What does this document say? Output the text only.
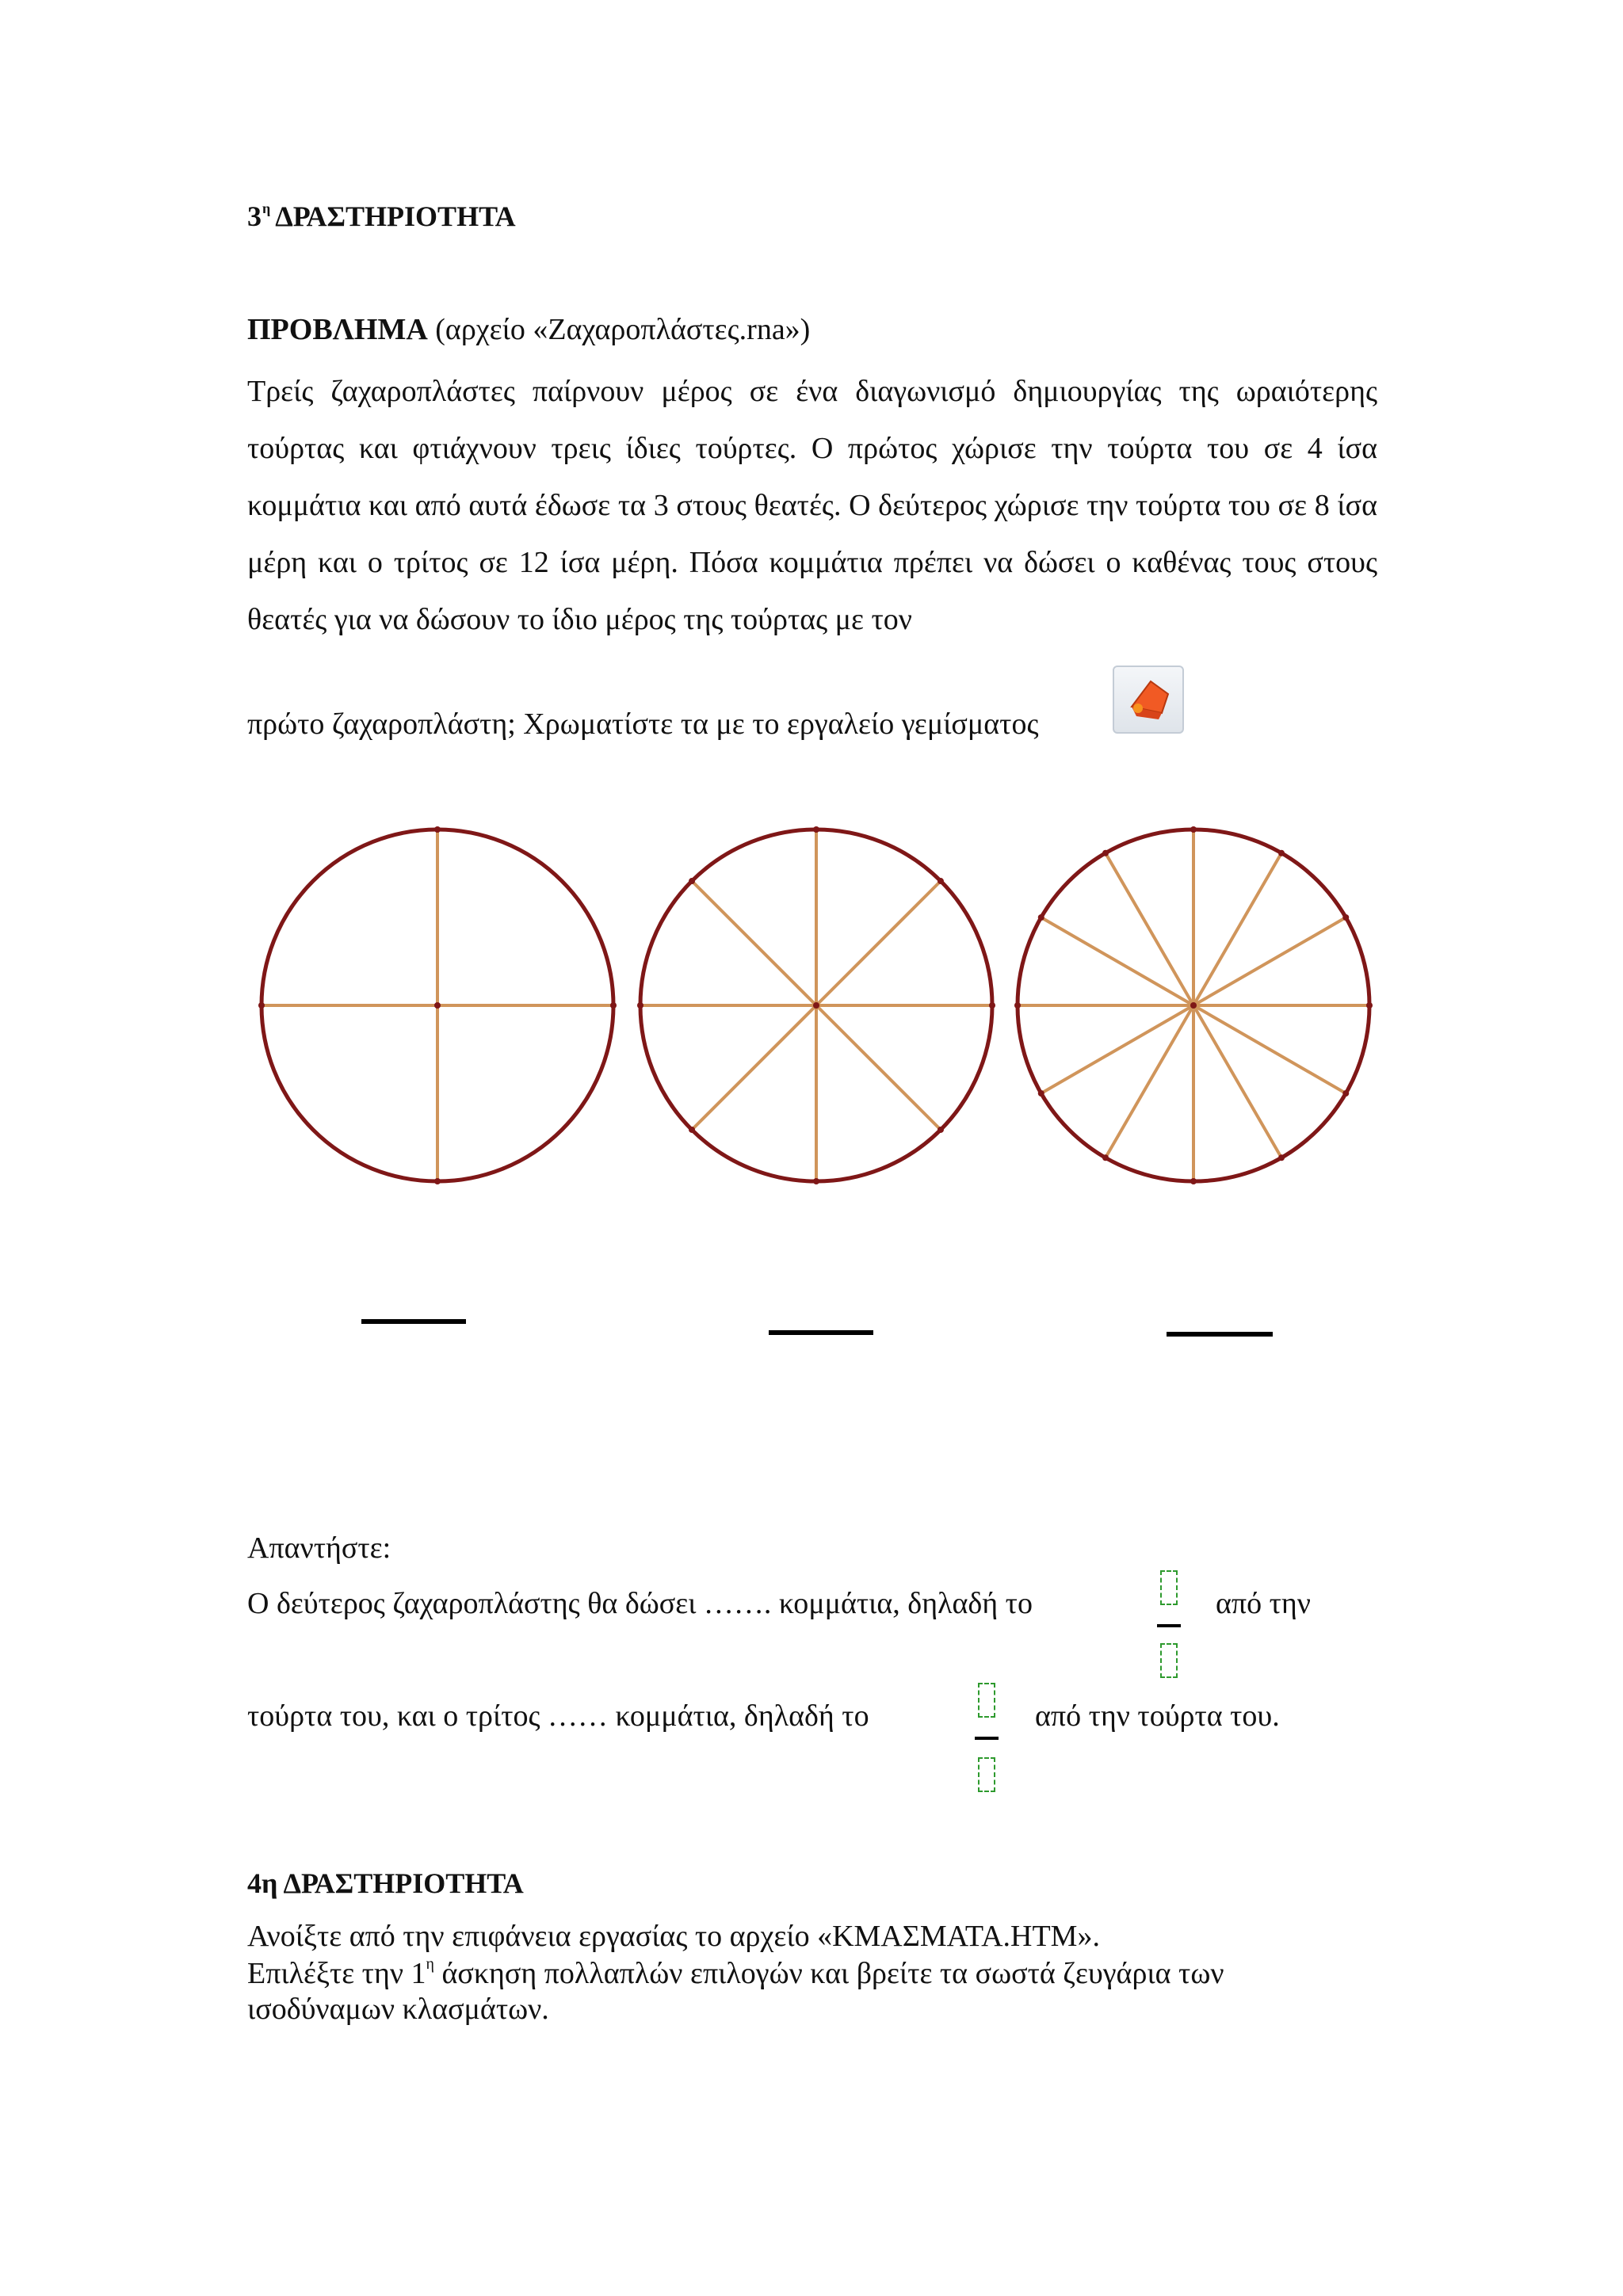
$3^\eta$ ΔΡΑΣΤΗΡΙΟΤΗΤΑ
ΠΡΟΒΛΗΜΑ (αρχείο «Ζαχαροπλάστες.rna»)
Τρείς ζαχαροπλάστες παίρνουν μέρος σε ένα διαγωνισμό δημιουργίας της ωραιότερης τούρτας και φτιάχνουν τρεις ίδιες τούρτες. Ο πρώτος χώρισε την τούρτα του σε 4 ίσα κομμάτια και από αυτά έδωσε τα 3 στους θεατές. Ο δεύτερος χώρισε την τούρτα του σε 8 ίσα μέρη και ο τρίτος σε 12 ίσα μέρη. Πόσα κομμάτια πρέπει να δώσει ο καθένας τους στους θεατές για να δώσουν το ίδιο μέρος της τούρτας με τον
πρώτο ζαχαροπλάστη; Χρωματίστε τα με το εργαλείο γεμίσματος
Απαντήστε:
Ο δεύτερος ζαχαροπλάστης θα δώσει ……. κομμάτια, δηλαδή το	από την
τούρτα του, και ο τρίτος …… κομμάτια, δηλαδή το	από την τούρτα του.
4η ΔΡΑΣΤΗΡΙΟΤΗΤΑ
Ανοίξτε από την επιφάνεια εργασίας το αρχείο «ΚΜΑΣΜΑΤΑ.HTM».
Επιλέξτε την $1^\eta$ άσκηση πολλαπλών επιλογών και βρείτε τα σωστά ζευγάρια των
ισοδύναμων κλασμάτων.
